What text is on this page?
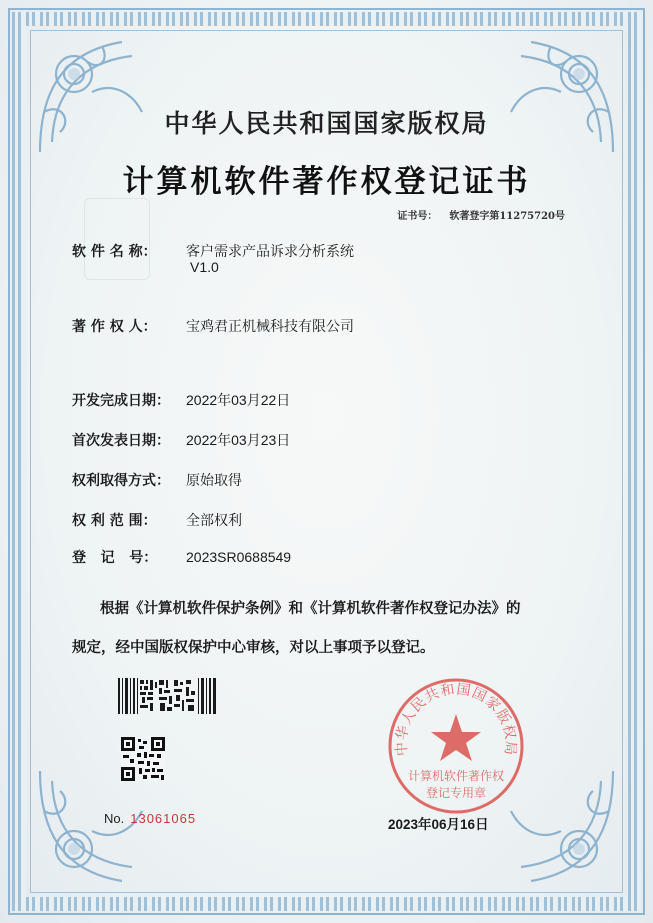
中华人民共和国国家版权局
计算机软件著作权登记证书
证书号： 软著登字第11275720号
软 件 名 称： 客户需求产品诉求分析系统
V1.0
著 作 权 人： 宝鸡君正机械科技有限公司
开发完成日期： 2022年03月22日
首次发表日期： 2022年03月23日
权利取得方式： 原始取得
权 利 范 围： 全部权利
登   记   号： 2023SR0688549
根据《计算机软件保护条例》和《计算机软件著作权登记办法》的
规定，经中国版权保护中心审核，对以上事项予以登记。
No. 13061065
中华人民共和国国家版权局
计算机软件著作权
登记专用章
2023年06月16日
